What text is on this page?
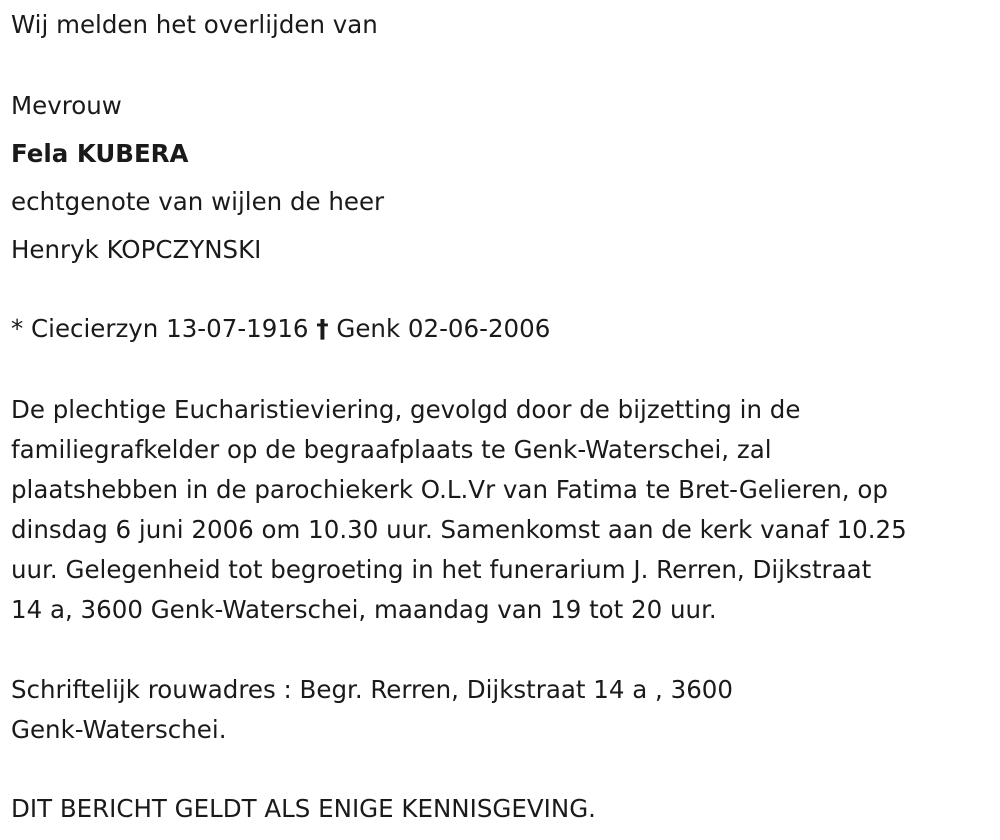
Wij melden het overlijden van

Mevrouw

Fela KUBERA

echtgenote van wijlen de heer

Henryk KOPCZYNSKI

* Ciecierzyn 13-07-1916 † Genk 02-06-2006

De plechtige Eucharistieviering, gevolgd door de bijzetting in de
familiegrafkelder op de begraafplaats te Genk-Waterschei, zal
plaatshebben in de parochiekerk O.L.Vr van Fatima te Bret-Gelieren, op
dinsdag 6 juni 2006 om 10.30 uur. Samenkomst aan de kerk vanaf 10.25
uur. Gelegenheid tot begroeting in het funerarium J. Rerren, Dijkstraat
14 a, 3600 Genk-Waterschei, maandag van 19 tot 20 uur.
Schriftelijk rouwadres : Begr. Rerren, Dijkstraat 14 a , 3600
Genk-Waterschei.

DIT BERICHT GELDT ALS ENIGE KENNISGEVING.
